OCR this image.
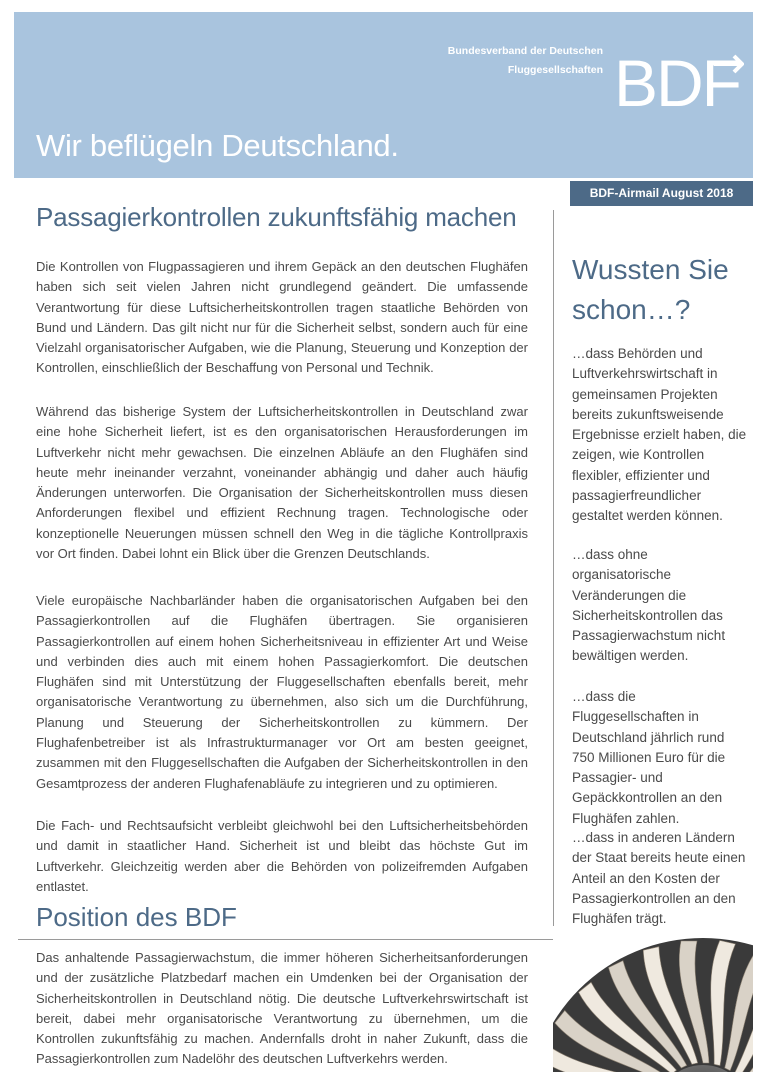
Bundesverband der Deutschen
Fluggesellschaften BDF
Wir beflügeln Deutschland.
BDF-Airmail August 2018
Passagierkontrollen zukunftsfähig machen

Die Kontrollen von Flugpassagieren und ihrem Gepäck an den deutschen Flughäfen haben sich seit vielen Jahren nicht grundlegend geändert. Die umfassende Verantwortung für diese Luftsicherheitskontrollen tragen staatliche Behörden von Bund und Ländern. Das gilt nicht nur für die Sicherheit selbst, sondern auch für eine Vielzahl organisatorischer Aufgaben, wie die Planung, Steuerung und Konzeption der Kontrollen, einschließlich der Beschaffung von Personal und Technik.

Während das bisherige System der Luftsicherheitskontrollen in Deutschland zwar eine hohe Sicherheit liefert, ist es den organisatorischen Herausforderungen im Luftverkehr nicht mehr gewachsen. Die einzelnen Abläufe an den Flughäfen sind heute mehr ineinander verzahnt, voneinander abhängig und daher auch häufig Änderungen unterworfen. Die Organisation der Sicherheitskontrollen muss diesen Anforderungen flexibel und effizient Rechnung tragen. Technologische oder konzeptionelle Neuerungen müssen schnell den Weg in die tägliche Kontrollpraxis vor Ort finden. Dabei lohnt ein Blick über die Grenzen Deutschlands.

Viele europäische Nachbarländer haben die organisatorischen Aufgaben bei den Passagierkontrollen auf die Flughäfen übertragen. Sie organisieren Passagierkontrollen auf einem hohen Sicherheitsniveau in effizienter Art und Weise und verbinden dies auch mit einem hohen Passagierkomfort. Die deutschen Flughäfen sind mit Unterstützung der Fluggesellschaften ebenfalls bereit, mehr organisatorische Verantwortung zu übernehmen, also sich um die Durchführung, Planung und Steuerung der Sicherheitskontrollen zu kümmern. Der Flughafenbetreiber ist als Infrastrukturmanager vor Ort am besten geeignet, zusammen mit den Fluggesellschaften die Aufgaben der Sicherheitskontrollen in den Gesamtprozess der anderen Flughafenabläufe zu integrieren und zu optimieren.

Die Fach- und Rechtsaufsicht verbleibt gleichwohl bei den Luftsicherheitsbehörden und damit in staatlicher Hand. Sicherheit ist und bleibt das höchste Gut im Luftverkehr. Gleichzeitig werden aber die Behörden von polizeifremden Aufgaben entlastet.

Position des BDF

Das anhaltende Passagierwachstum, die immer höheren Sicherheitsanforderungen und der zusätzliche Platzbedarf machen ein Umdenken bei der Organisation der Sicherheitskontrollen in Deutschland nötig. Die deutsche Luftverkehrswirtschaft ist bereit, dabei mehr organisatorische Verantwortung zu übernehmen, um die Kontrollen zukunftsfähig zu machen. Andernfalls droht in naher Zukunft, dass die Passagierkontrollen zum Nadelöhr des deutschen Luftverkehrs werden.

Wussten Sie schon…?

…dass Behörden und Luftverkehrswirtschaft in gemeinsamen Projekten bereits zukunftsweisende Ergebnisse erzielt haben, die zeigen, wie Kontrollen flexibler, effizienter und passagierfreundlicher gestaltet werden können.

…dass ohne organisatorische Veränderungen die Sicherheitskontrollen das Passagierwachstum nicht bewältigen werden.

…dass die Fluggesellschaften in Deutschland jährlich rund 750 Millionen Euro für die Passagier- und Gepäckkontrollen an den Flughäfen zahlen.

…dass in anderen Ländern der Staat bereits heute einen Anteil an den Kosten der Passagierkontrollen an den Flughäfen trägt.
